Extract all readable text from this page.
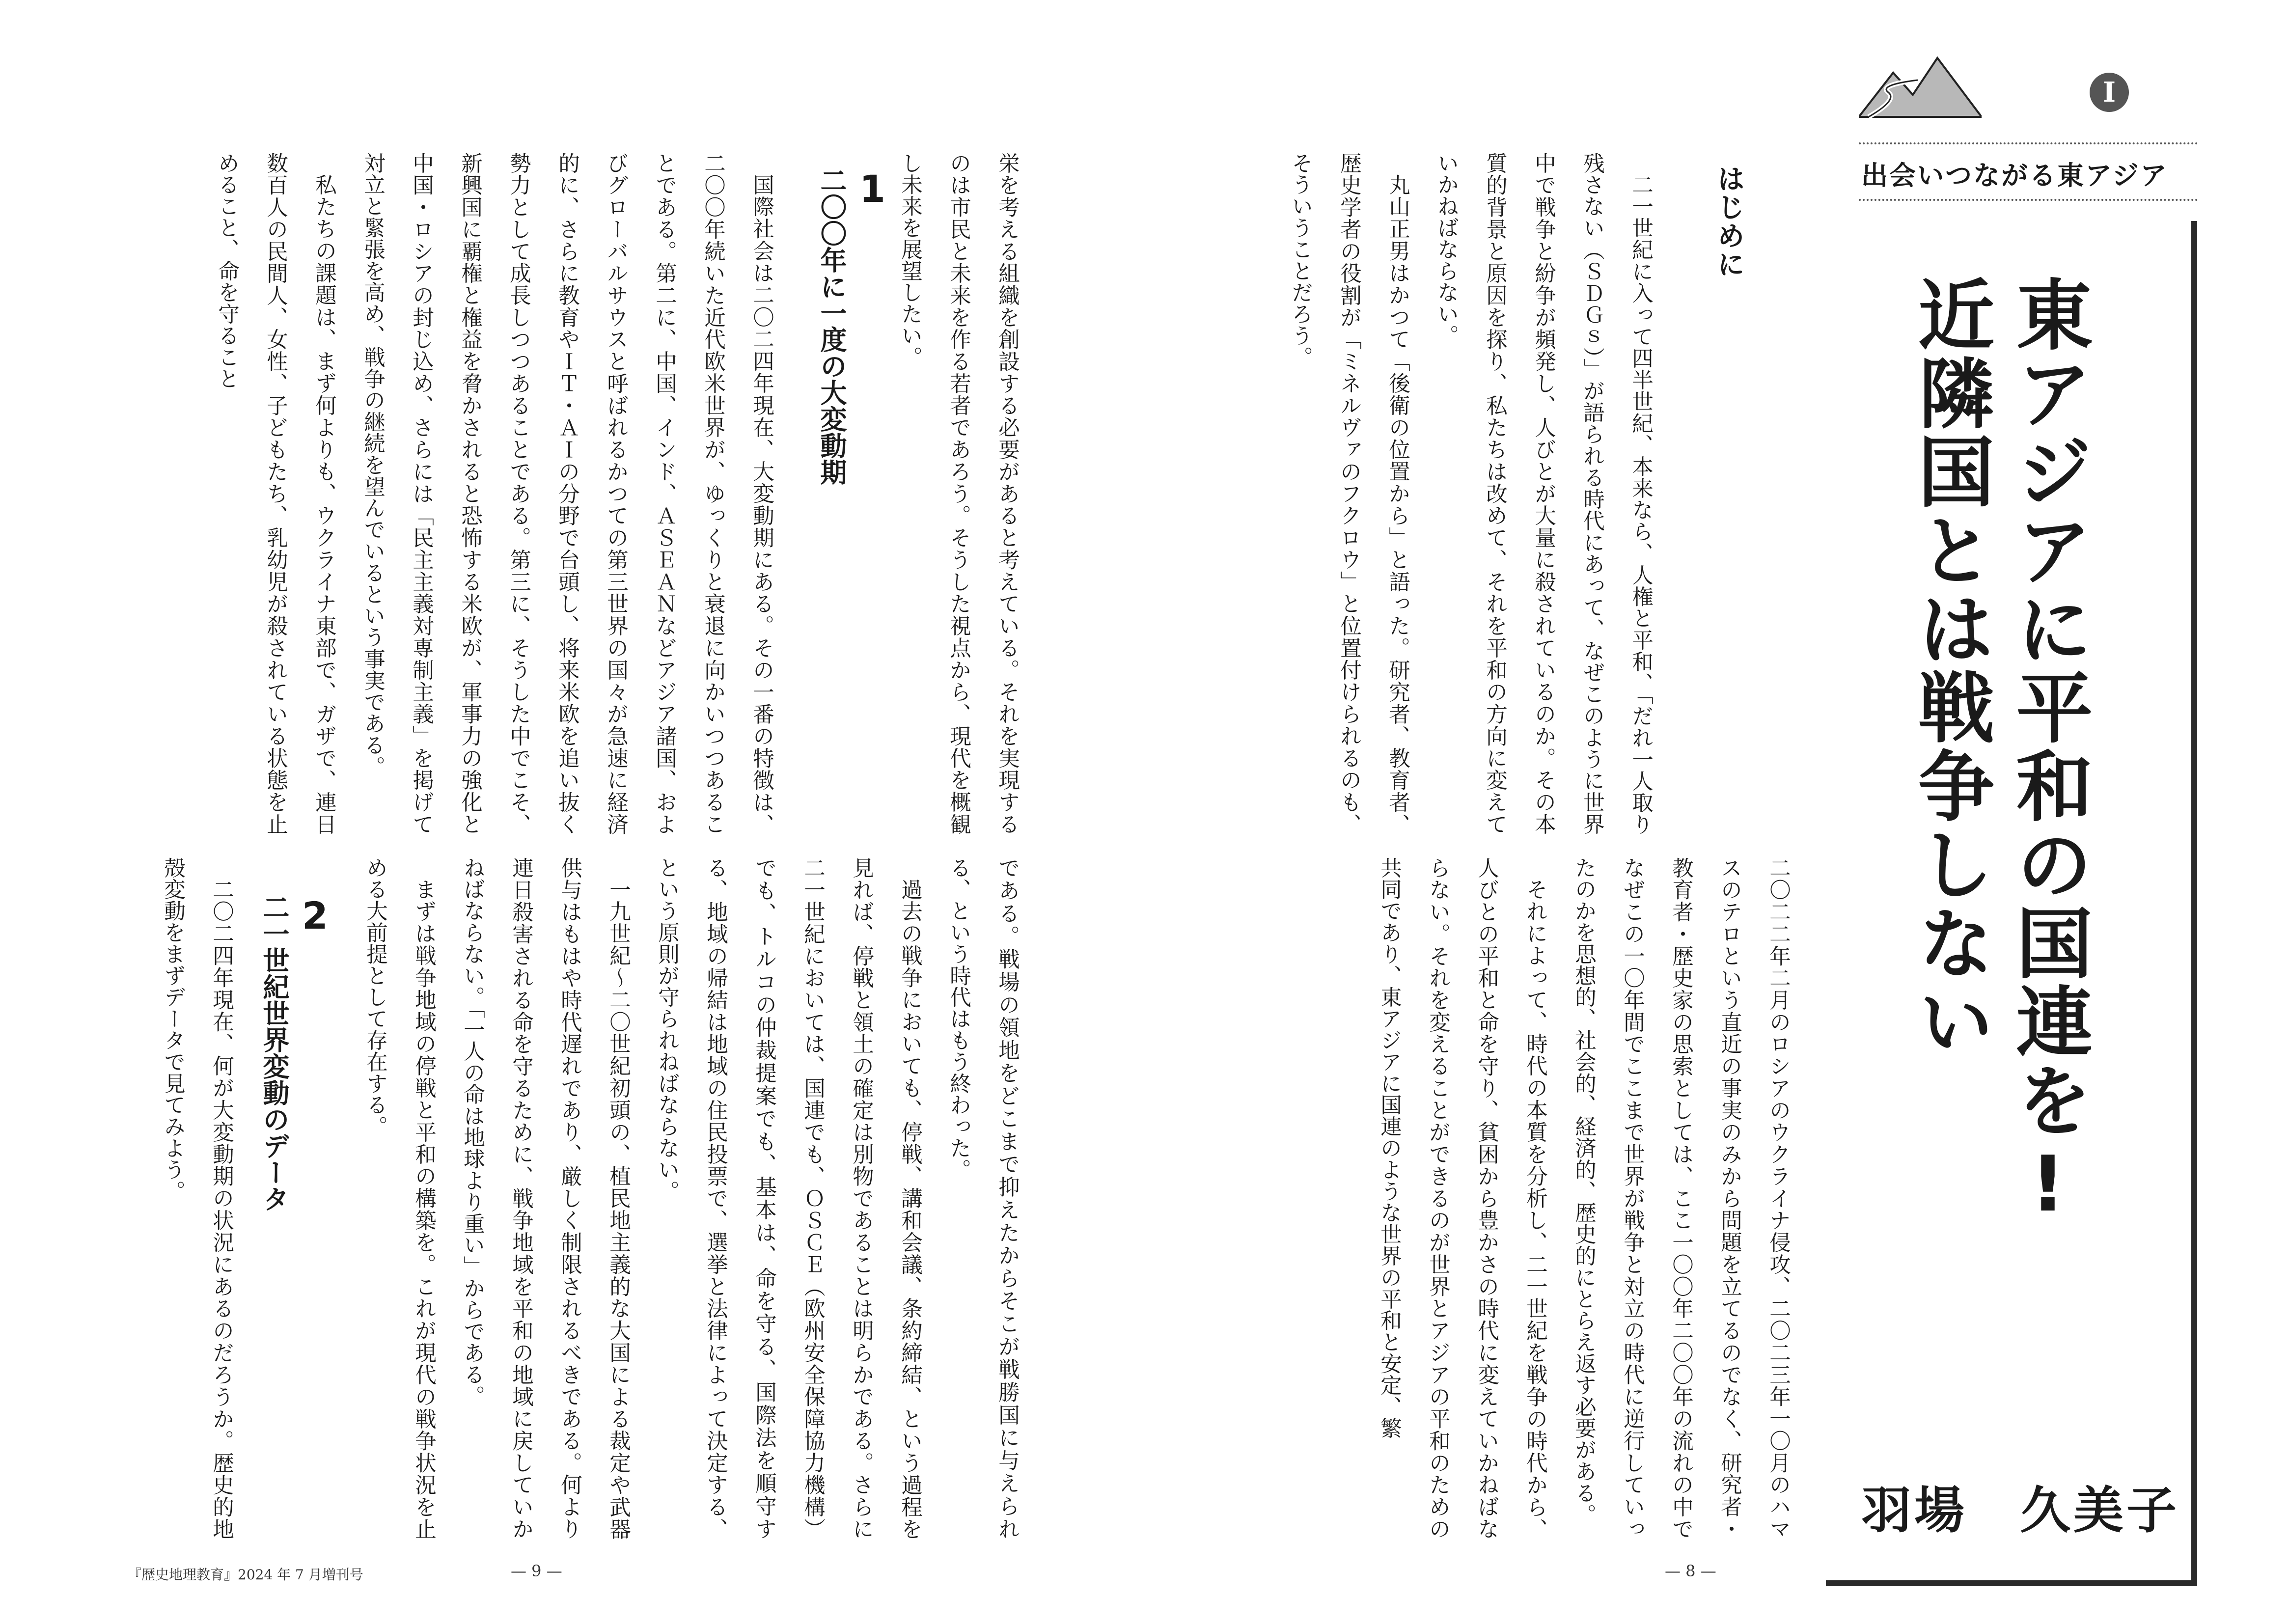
I
出会いつながる東アジア
東アジアに平和の国連を!
近隣国とは戦争しない
羽場　久美子
はじめに

二一世紀に入って四半世紀、本来なら、人権と平和、「だれ一人取り残さない（ＳＤＧｓ）」が語られる時代にあって、なぜこのように世界中で戦争と紛争が頻発し、人びとが大量に殺されているのか。その本質的背景と原因を探り、私たちは改めて、それを平和の方向に変えていかねばならない。

丸山正男はかつて「後衛の位置から」と語った。研究者、教育者、歴史学者の役割が「ミネルヴァのフクロウ」と位置付けられるのも、そういうことだろう。

二〇二二年二月のロシアのウクライナ侵攻、二〇二三年一〇月のハマスのテロという直近の事実のみから問題を立てるのでなく、研究者・教育者・歴史家の思索としては、ここ一〇〇年二〇〇年の流れの中でなぜこの一〇年間でここまで世界が戦争と対立の時代に逆行していったのかを思想的、社会的、経済的、歴史的にとらえ返す必要がある。

それによって、時代の本質を分析し、二一世紀を戦争の時代から、人びとの平和と命を守り、貧困から豊かさの時代に変えていかねばならない。それを変えることができるのが世界とアジアの平和のための共同であり、東アジアに国連のような世界の平和と安定、繁

栄を考える組織を創設する必要があると考えている。それを実現するのは市民と未来を作る若者であろう。そうした視点から、現代を概観し未来を展望したい。

1
二〇〇年に一度の大変動期

国際社会は二〇二四年現在、大変動期にある。その一番の特徴は、二〇〇年続いた近代欧米世界が、ゆっくりと衰退に向かいつつあることである。第二に、中国、インド、ＡＳＥＡＮなどアジア諸国、およびグローバルサウスと呼ばれるかつての第三世界の国々が急速に経済的に、さらに教育やＩＴ・ＡＩの分野で台頭し、将来米欧を追い抜く勢力として成長しつつあることである。第三に、そうした中でこそ、新興国に覇権と権益を脅かされると恐怖する米欧が、軍事力の強化と中国・ロシアの封じ込め、さらには「民主主義対専制主義」を掲げて対立と緊張を高め、戦争の継続を望んでいるという事実である。

私たちの課題は、まず何よりも、ウクライナ東部で、ガザで、連日数百人の民間人、女性、子どもたち、乳幼児が殺されている状態を止めること、命を守ること

である。戦場の領地をどこまで抑えたからそこが戦勝国に与えられる、という時代はもう終わった。

過去の戦争においても、停戦、講和会議、条約締結、という過程を見れば、停戦と領土の確定は別物であることは明らかである。さらに二一世紀においては、国連でも、ＯＳＣＥ（欧州安全保障協力機構）でも、トルコの仲裁提案でも、基本は、命を守る、国際法を順守する、地域の帰結は地域の住民投票で、選挙と法律によって決定する、という原則が守られねばならない。

一九世紀〜二〇世紀初頭の、植民地主義的な大国による裁定や武器供与はもはや時代遅れであり、厳しく制限されるべきである。何より連日殺害される命を守るために、戦争地域を平和の地域に戻していかねばならない。「一人の命は地球より重い」からである。

まずは戦争地域の停戦と平和の構築を。これが現代の戦争状況を止める大前提として存在する。

2
二一世紀世界変動のデータ

二〇二四年現在、何が大変動期の状況にあるのだろうか。歴史的地殻変動をまずデータで見てみよう。

『歴史地理教育』2024 年 7 月増刊号	— 9 —	— 8 —
